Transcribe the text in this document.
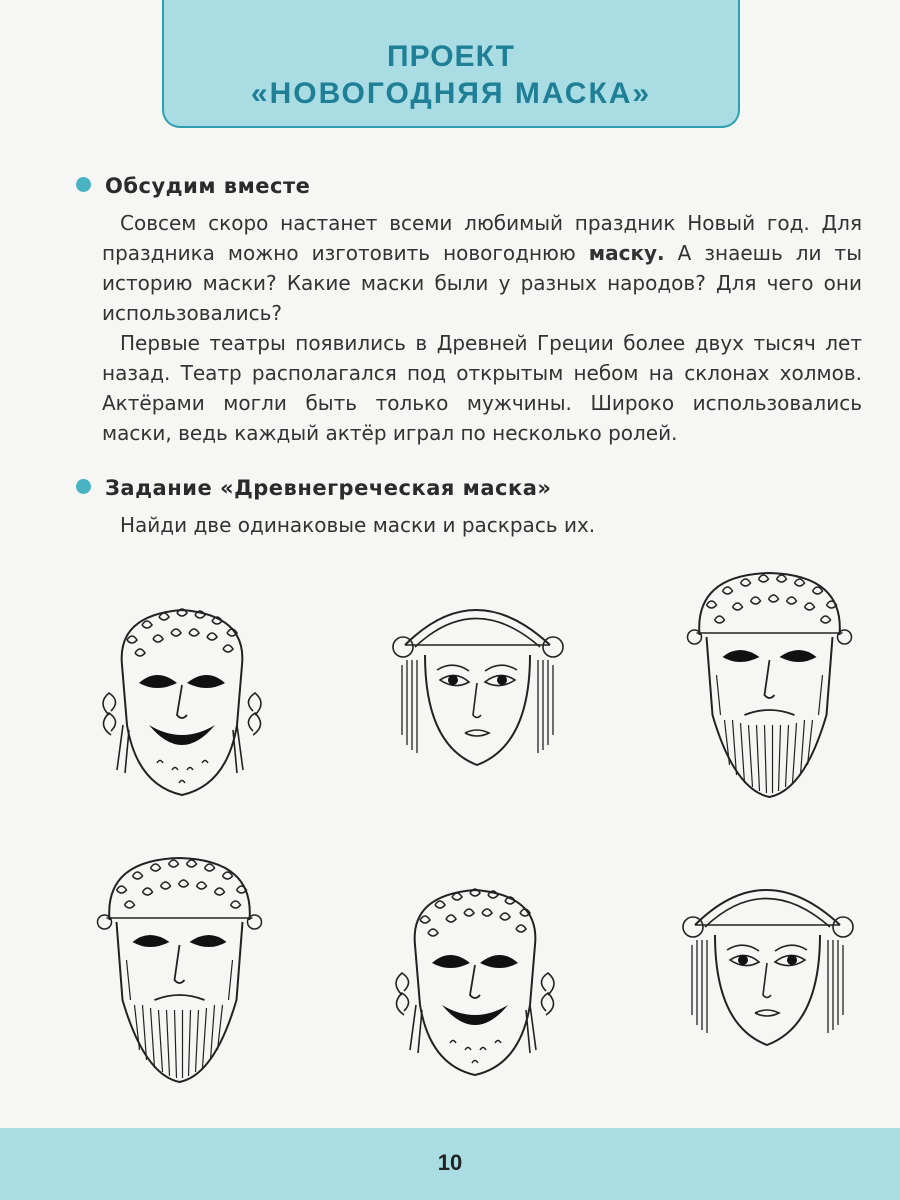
ПРОЕКТ
«НОВОГОДНЯЯ МАСКА»
Обсудим вместе
Совсем скоро настанет всеми любимый праздник Новый год. Для праздника можно изготовить новогоднюю маску. А знаешь ли ты историю маски? Какие маски были у разных народов? Для чего они использовались?
Первые театры появились в Древней Греции более двух тысяч лет назад. Театр располагался под открытым небом на склонах холмов. Актёрами могли быть только мужчины. Широко использовались маски, ведь каждый актёр играл по несколько ролей.
Задание «Древнегреческая маска»
Найди две одинаковые маски и раскрась их.
10
